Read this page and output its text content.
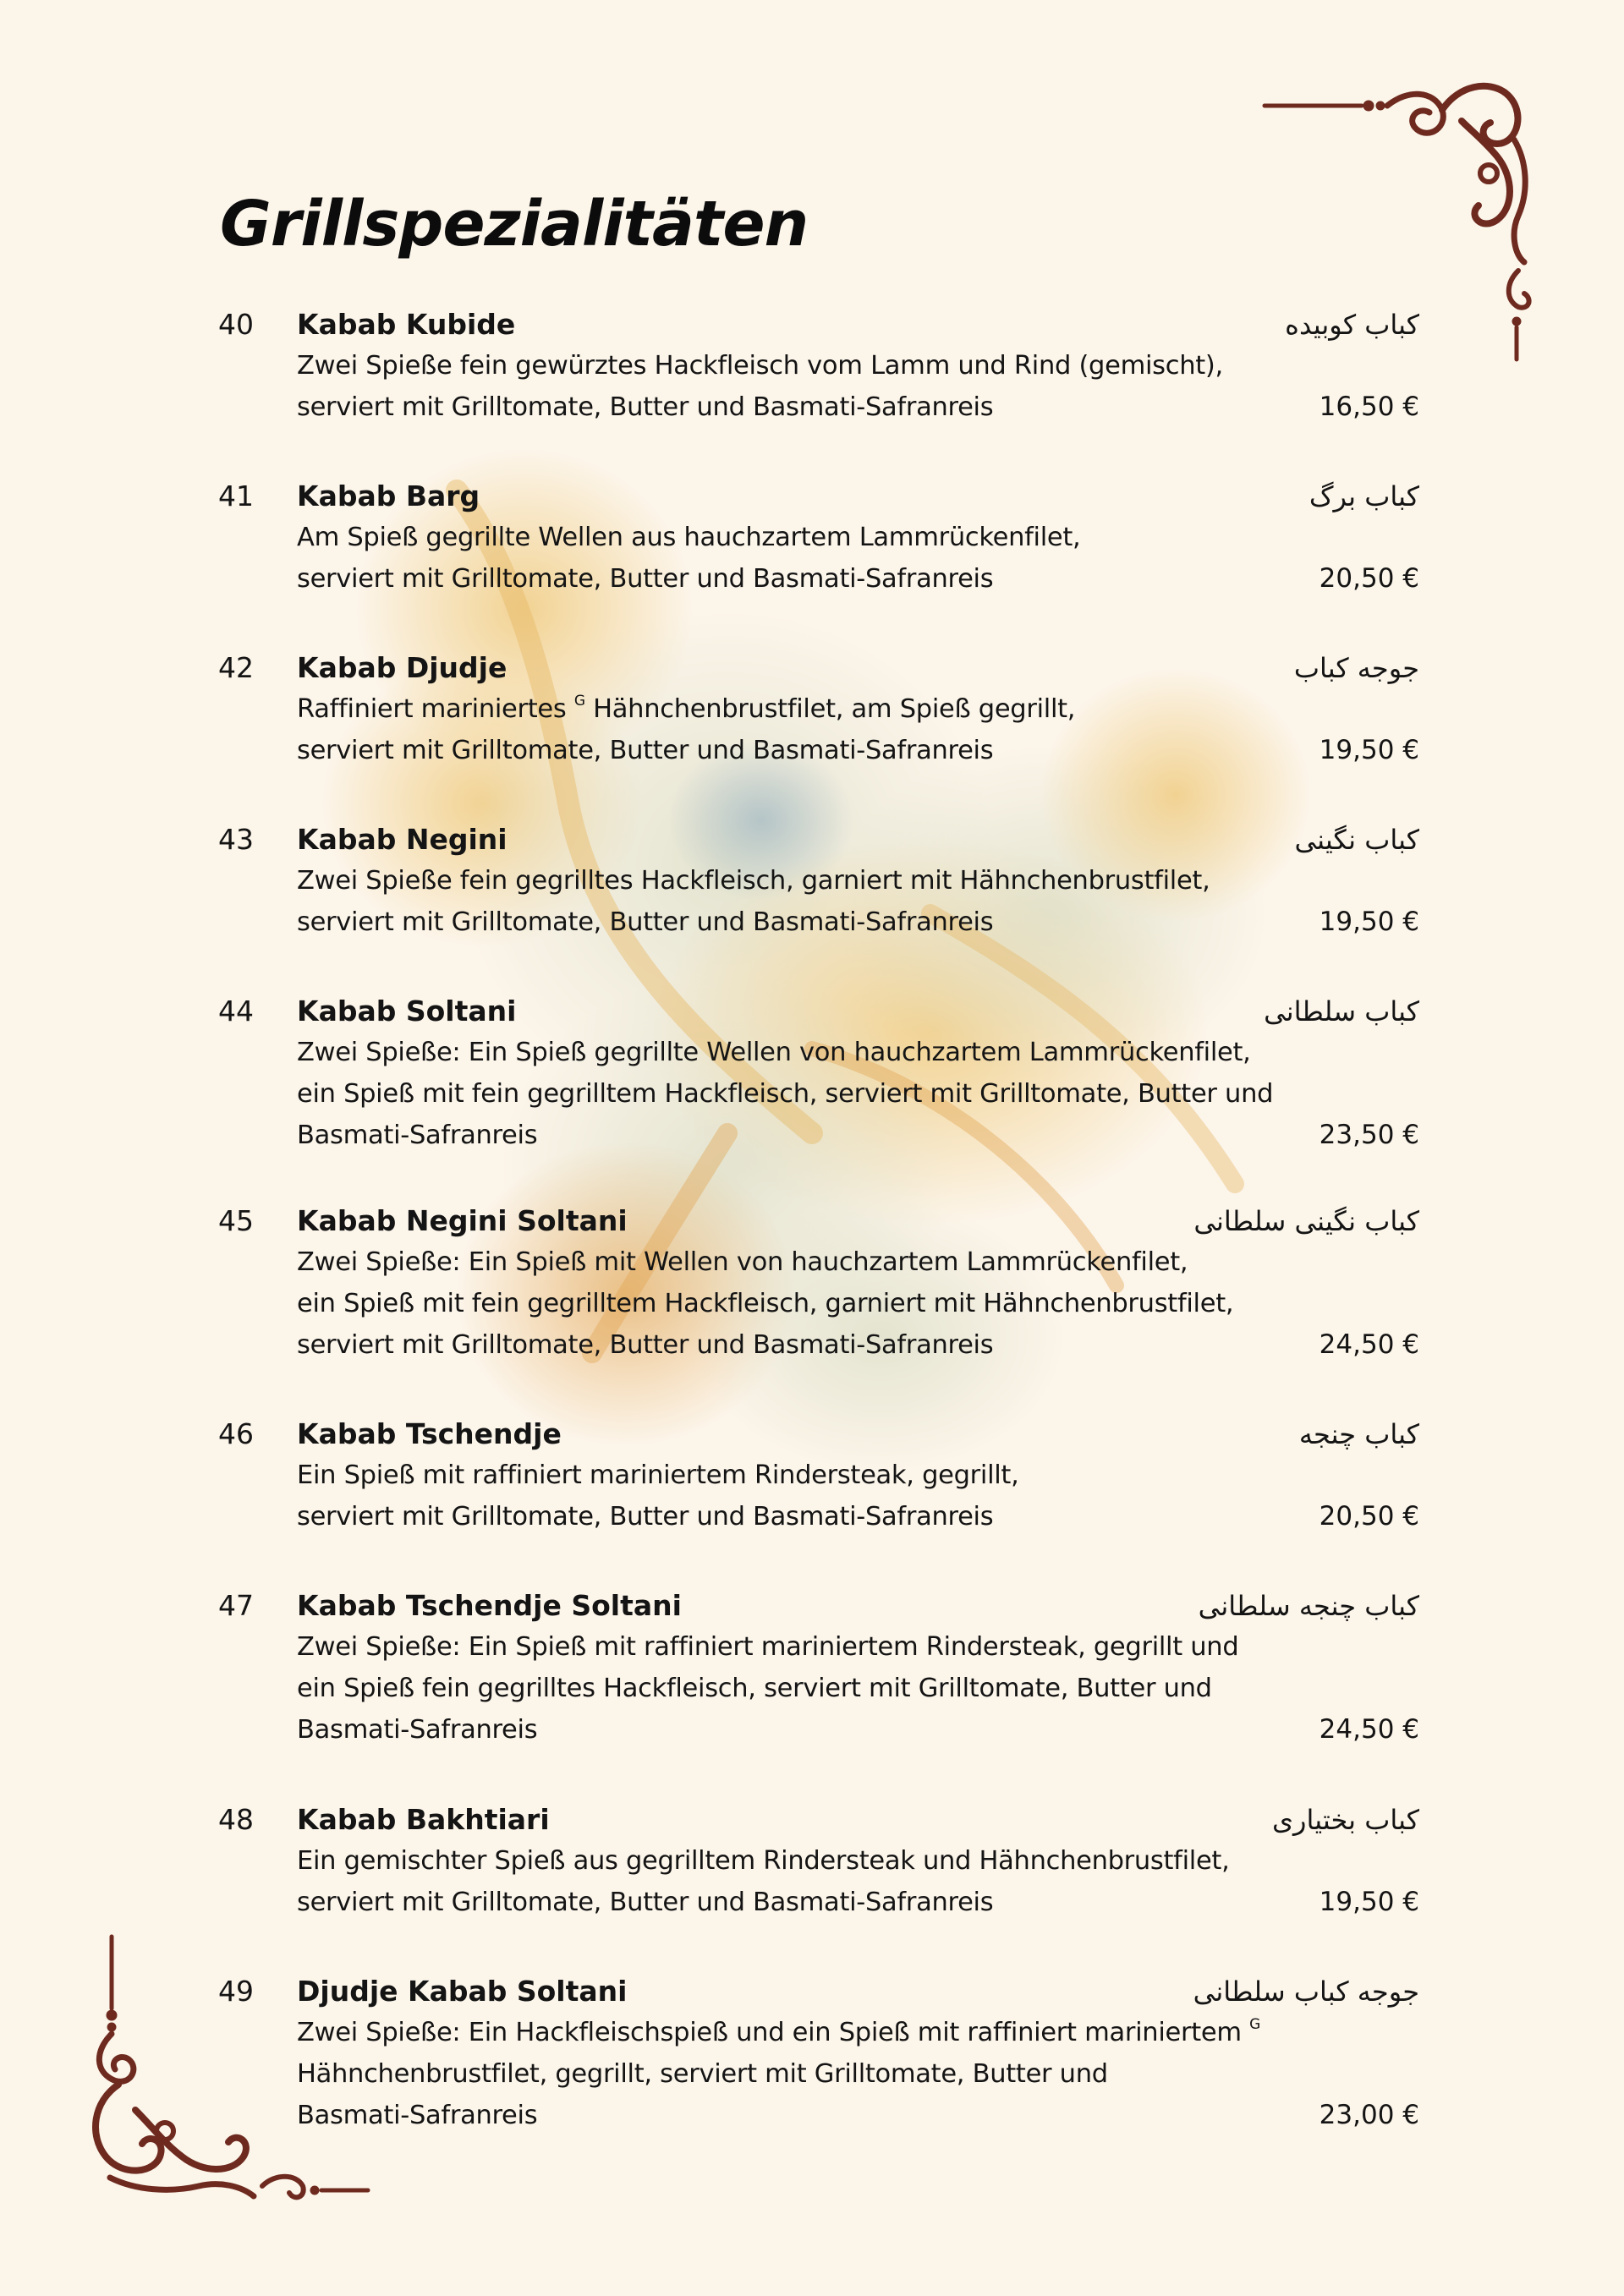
Grillspezialitäten
40 Kabab Kubide	کباب کوبیده
Zwei Spieße fein gewürztes Hackfleisch vom Lamm und Rind (gemischt),
serviert mit Grilltomate, Butter und Basmati-Safranreis	16,50 €
41 Kabab Barg	کباب برگ
Am Spieß gegrillte Wellen aus hauchzartem Lammrückenfilet,
serviert mit Grilltomate, Butter und Basmati-Safranreis	20,50 €
42 Kabab Djudje	جوجه کباب
Raffiniert mariniertes $^G$ Hähnchenbrustfilet, am Spieß gegrillt,
serviert mit Grilltomate, Butter und Basmati-Safranreis	19,50 €
43 Kabab Negini	کباب نگینی
Zwei Spieße fein gegrilltes Hackfleisch, garniert mit Hähnchenbrustfilet,
serviert mit Grilltomate, Butter und Basmati-Safranreis	19,50 €
44 Kabab Soltani	کباب سلطانی
Zwei Spieße: Ein Spieß gegrillte Wellen von hauchzartem Lammrückenfilet,
ein Spieß mit fein gegrilltem Hackfleisch, serviert mit Grilltomate, Butter und
Basmati-Safranreis	23,50 €
45 Kabab Negini Soltani	کباب نگینی سلطانی
Zwei Spieße: Ein Spieß mit Wellen von hauchzartem Lammrückenfilet,
ein Spieß mit fein gegrilltem Hackfleisch, garniert mit Hähnchenbrustfilet,
serviert mit Grilltomate, Butter und Basmati-Safranreis	24,50 €
46 Kabab Tschendje	کباب چنجه
Ein Spieß mit raffiniert mariniertem Rindersteak, gegrillt,
serviert mit Grilltomate, Butter und Basmati-Safranreis	20,50 €
47 Kabab Tschendje Soltani	کباب چنجه سلطانی
Zwei Spieße: Ein Spieß mit raffiniert mariniertem Rindersteak, gegrillt und
ein Spieß fein gegrilltes Hackfleisch, serviert mit Grilltomate, Butter und
Basmati-Safranreis	24,50 €
48 Kabab Bakhtiari	کباب بختیاری
Ein gemischter Spieß aus gegrilltem Rindersteak und Hähnchenbrustfilet,
serviert mit Grilltomate, Butter und Basmati-Safranreis	19,50 €
49 Djudje Kabab Soltani	جوجه کباب سلطانی
Zwei Spieße: Ein Hackfleischspieß und ein Spieß mit raffiniert mariniertem $^G$
Hähnchenbrustfilet, gegrillt, serviert mit Grilltomate, Butter und
Basmati-Safranreis	23,00 €
